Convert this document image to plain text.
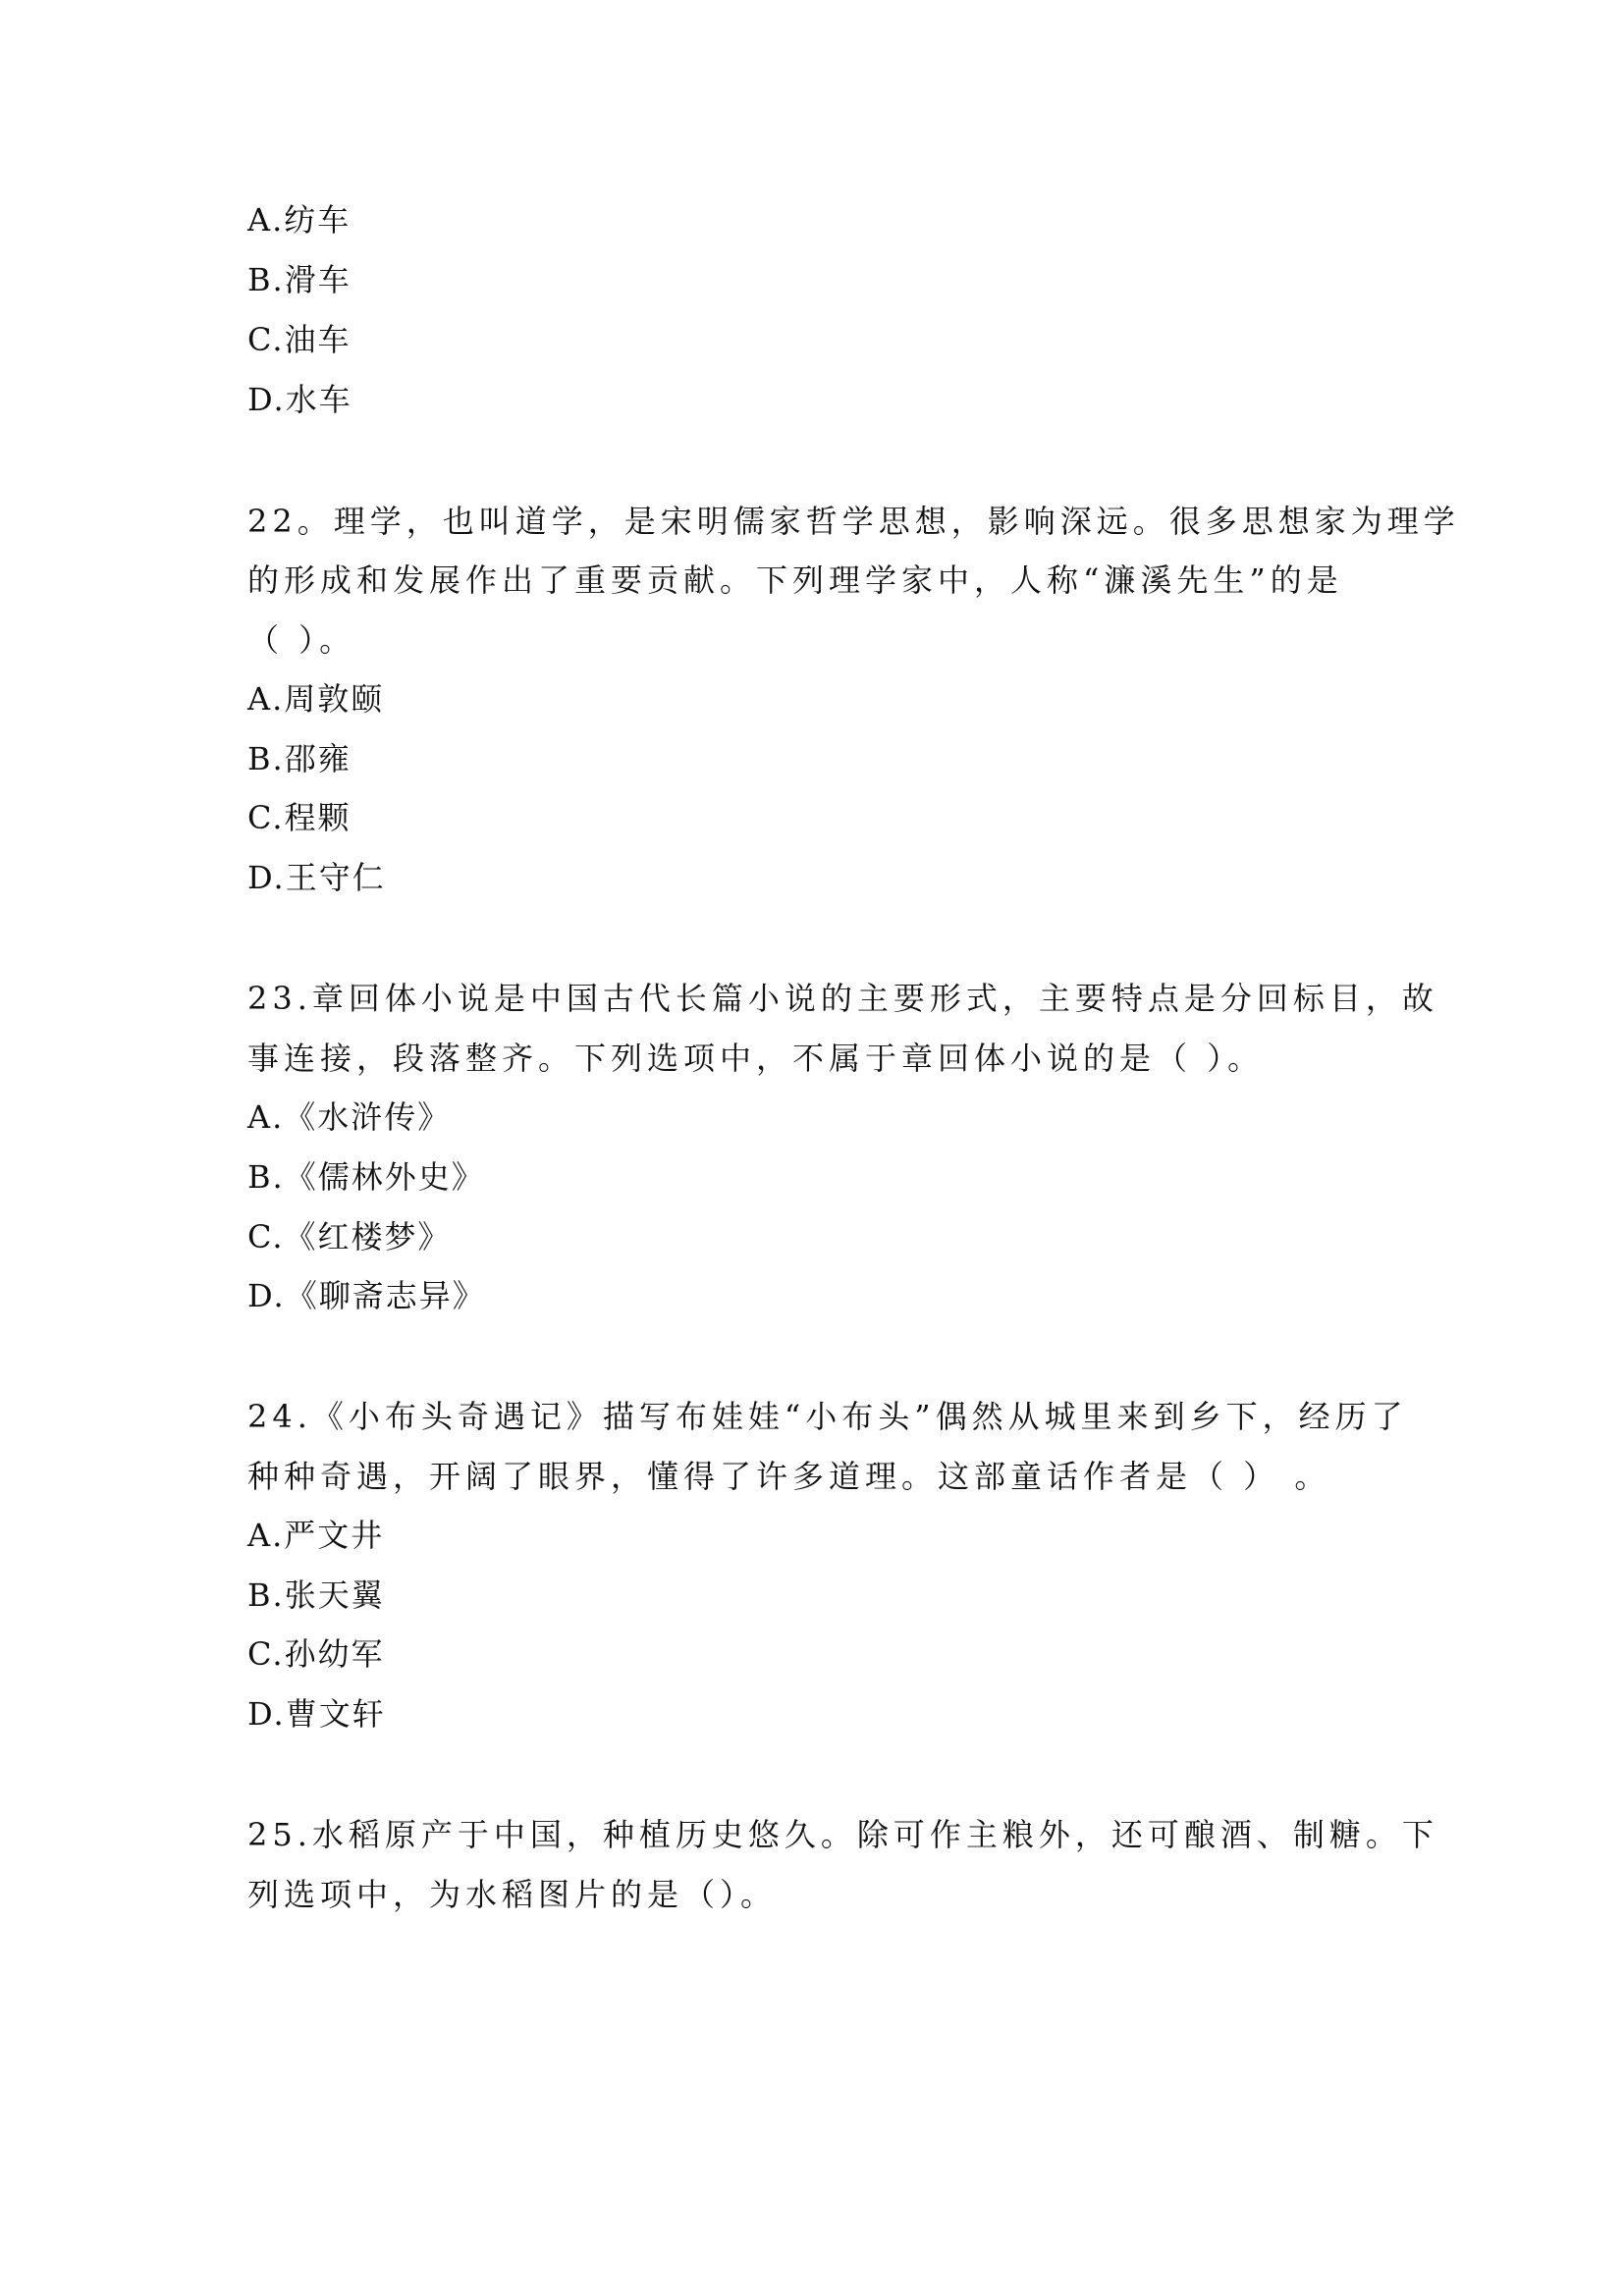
A.纺车
B.滑车
C.油车
D.水车
22。理学，也叫道学，是宋明儒家哲学思想，影响深远。很多思想家为理学
的形成和发展作出了重要贡献。下列理学家中，人称“濂溪先生”的是
（ ）。
A.周敦颐
B.邵雍
C.程颗
D.王守仁
23.章回体小说是中国古代长篇小说的主要形式，主要特点是分回标目，故
事连接，段落整齐。下列选项中，不属于章回体小说的是（ ）。
A.《水浒传》
B.《儒林外史》
C.《红楼梦》
D.《聊斋志异》
24.《小布头奇遇记》描写布娃娃“小布头”偶然从城里来到乡下，经历了
种种奇遇，开阔了眼界，懂得了许多道理。这部童话作者是（ ） 。
A.严文井
B.张天翼
C.孙幼军
D.曹文轩
25.水稻原产于中国，种植历史悠久。除可作主粮外，还可酿酒、制糖。下
列选项中，为水稻图片的是（）。
